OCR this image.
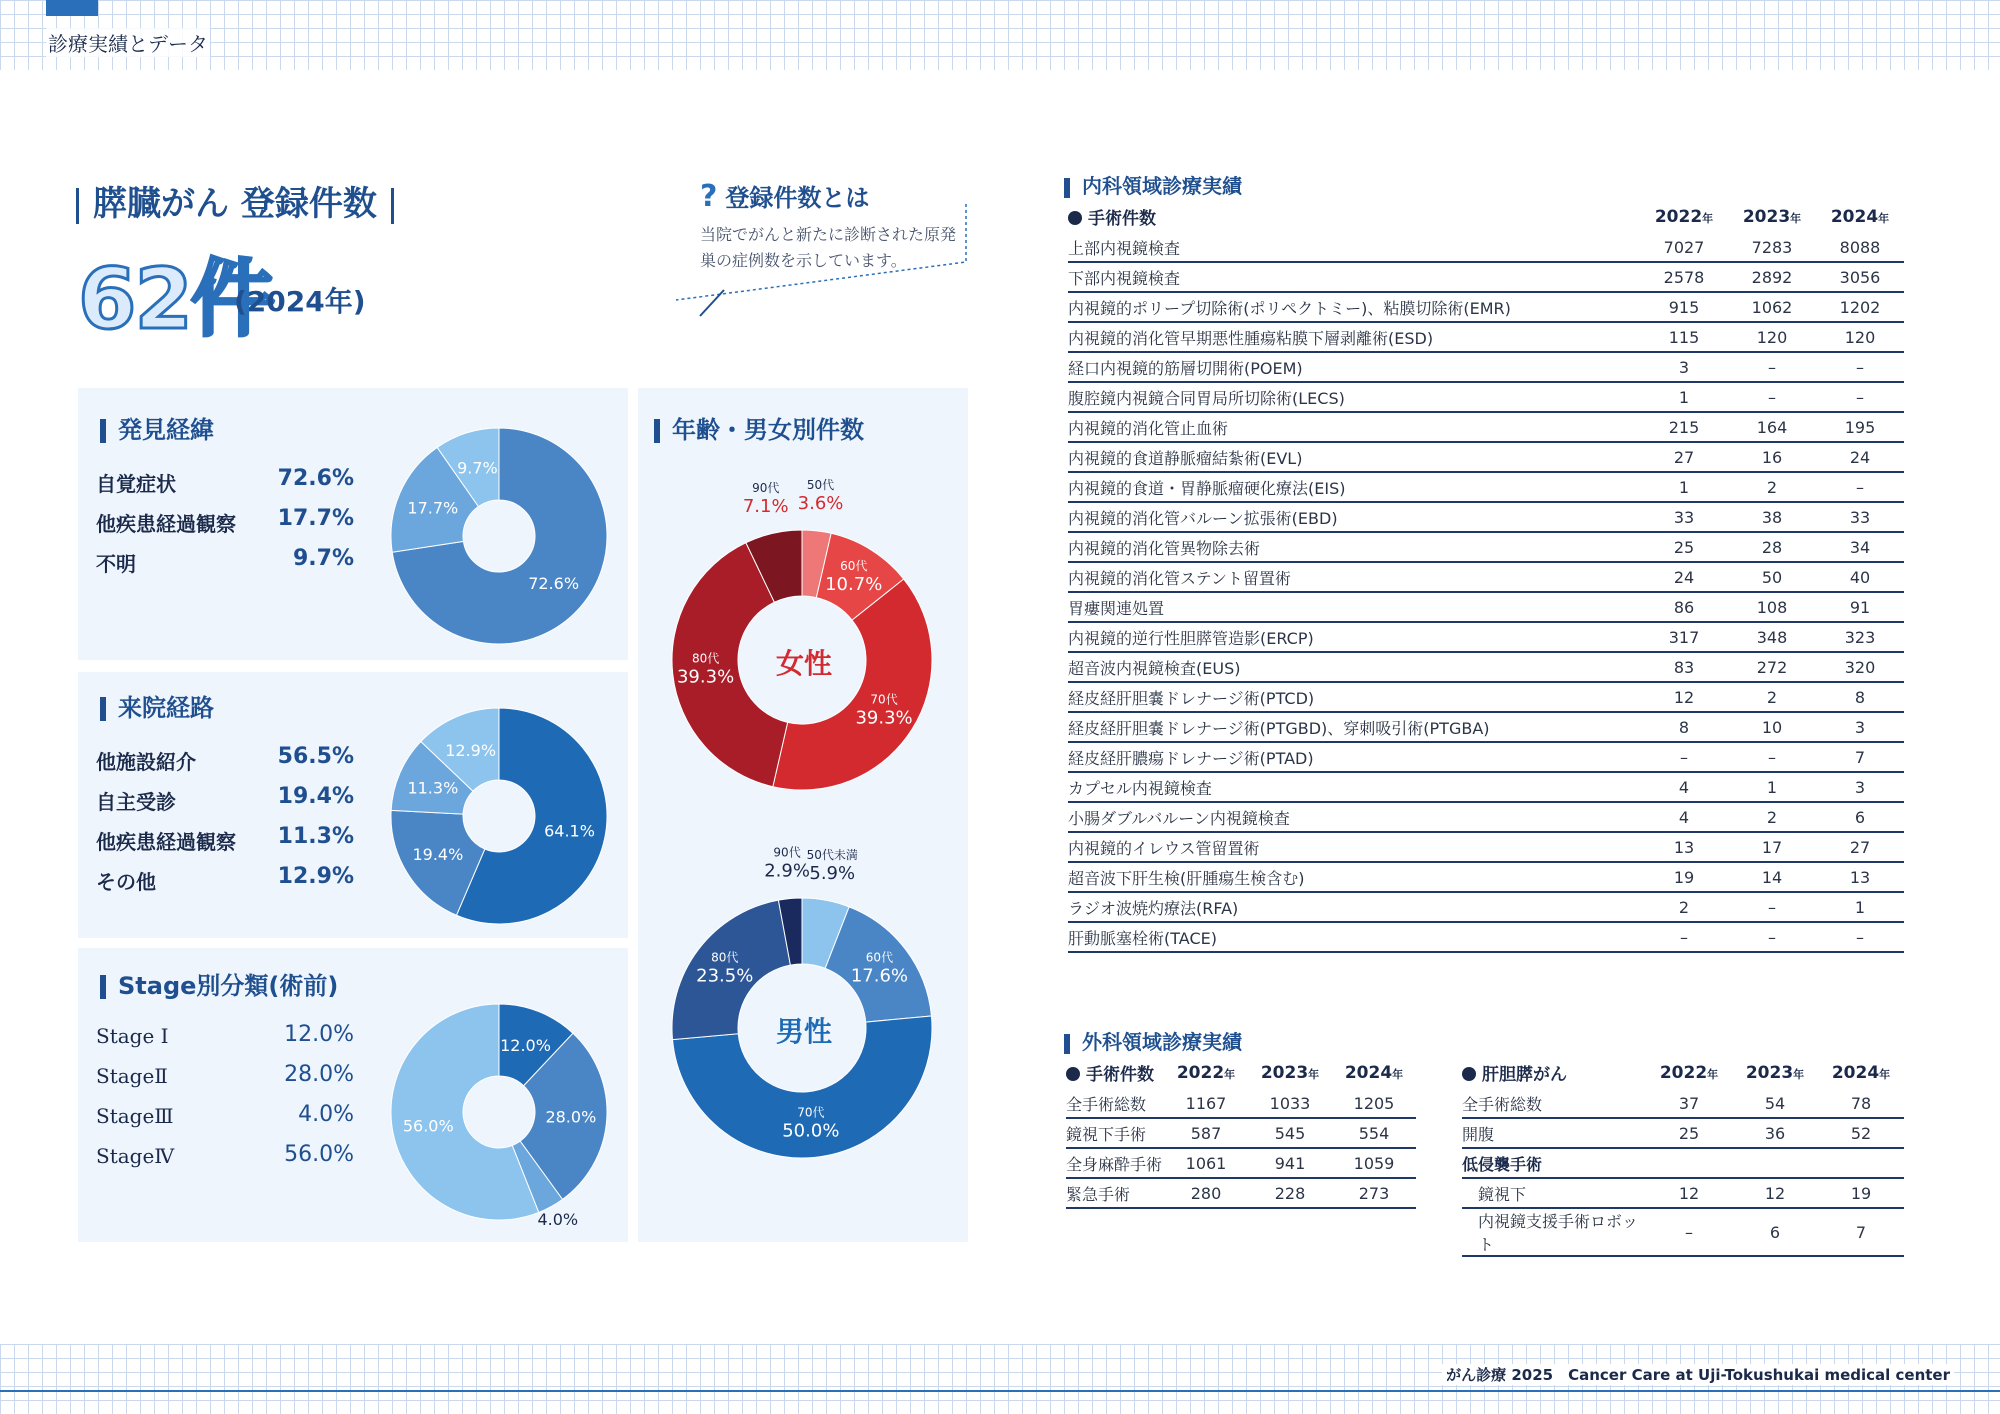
診療実績とデータ
がん診療 2025　Cancer Care at Uji-Tokushukai medical center
膵臓がん 登録件数
62件
(2024年)
? 登録件数とは
当院でがんと新たに診断された原発巣の症例数を示しています。
発見経緯
自覚症状	72.6%
他疾患経過観察	17.7%
不明	9.7%
72.6%
17.7%
9.7%
来院経路
他施設紹介	56.5%
自主受診	19.4%
他疾患経過観察	11.3%
その他	12.9%
64.1%
19.4%
11.3%
12.9%
Stage別分類(術前)
Stage Ⅰ	12.0%
StageⅡ	28.0%
StageⅢ	4.0%
StageⅣ	56.0%
12.0%
28.0%
4.0%
56.0%
年齢・男女別件数
50代
3.6%
60代
10.7%
70代
39.3%
80代
39.3%
90代
7.1%
女性
50代未満
5.9%
60代
17.6%
70代
50.0%
80代
23.5%
90代
2.9%
男性
内科領域診療実績
手術件数	2022年	2023年	2024年
上部内視鏡検査	7027	7283	8088
下部内視鏡検査	2578	2892	3056
内視鏡的ポリープ切除術(ポリペクトミー)、粘膜切除術(EMR)	915	1062	1202
内視鏡的消化管早期悪性腫瘍粘膜下層剥離術(ESD)	115	120	120
経口内視鏡的筋層切開術(POEM)	3	–	–
腹腔鏡内視鏡合同胃局所切除術(LECS)	1	–	–
内視鏡的消化管止血術	215	164	195
内視鏡的食道静脈瘤結紮術(EVL)	27	16	24
内視鏡的食道・胃静脈瘤硬化療法(EIS)	1	2	–
内視鏡的消化管バルーン拡張術(EBD)	33	38	33
内視鏡的消化管異物除去術	25	28	34
内視鏡的消化管ステント留置術	24	50	40
胃瘻関連処置	86	108	91
内視鏡的逆行性胆膵管造影(ERCP)	317	348	323
超音波内視鏡検査(EUS)	83	272	320
経皮経肝胆嚢ドレナージ術(PTCD)	12	2	8
経皮経肝胆嚢ドレナージ術(PTGBD)、穿刺吸引術(PTGBA)	8	10	3
経皮経肝膿瘍ドレナージ術(PTAD)	–	–	7
カプセル内視鏡検査	4	1	3
小腸ダブルバルーン内視鏡検査	4	2	6
内視鏡的イレウス管留置術	13	17	27
超音波下肝生検(肝腫瘍生検含む)	19	14	13
ラジオ波焼灼療法(RFA)	2	–	1
肝動脈塞栓術(TACE)	–	–	–
外科領域診療実績
手術件数	2022年	2023年	2024年
全手術総数	1167	1033	1205
鏡視下手術	587	545	554
全身麻酔手術	1061	941	1059
緊急手術	280	228	273
肝胆膵がん	2022年	2023年	2024年
全手術総数	37	54	78
開腹	25	36	52
低侵襲手術			
鏡視下	12	12	19
内視鏡支援手術ロボット	–	6	7
